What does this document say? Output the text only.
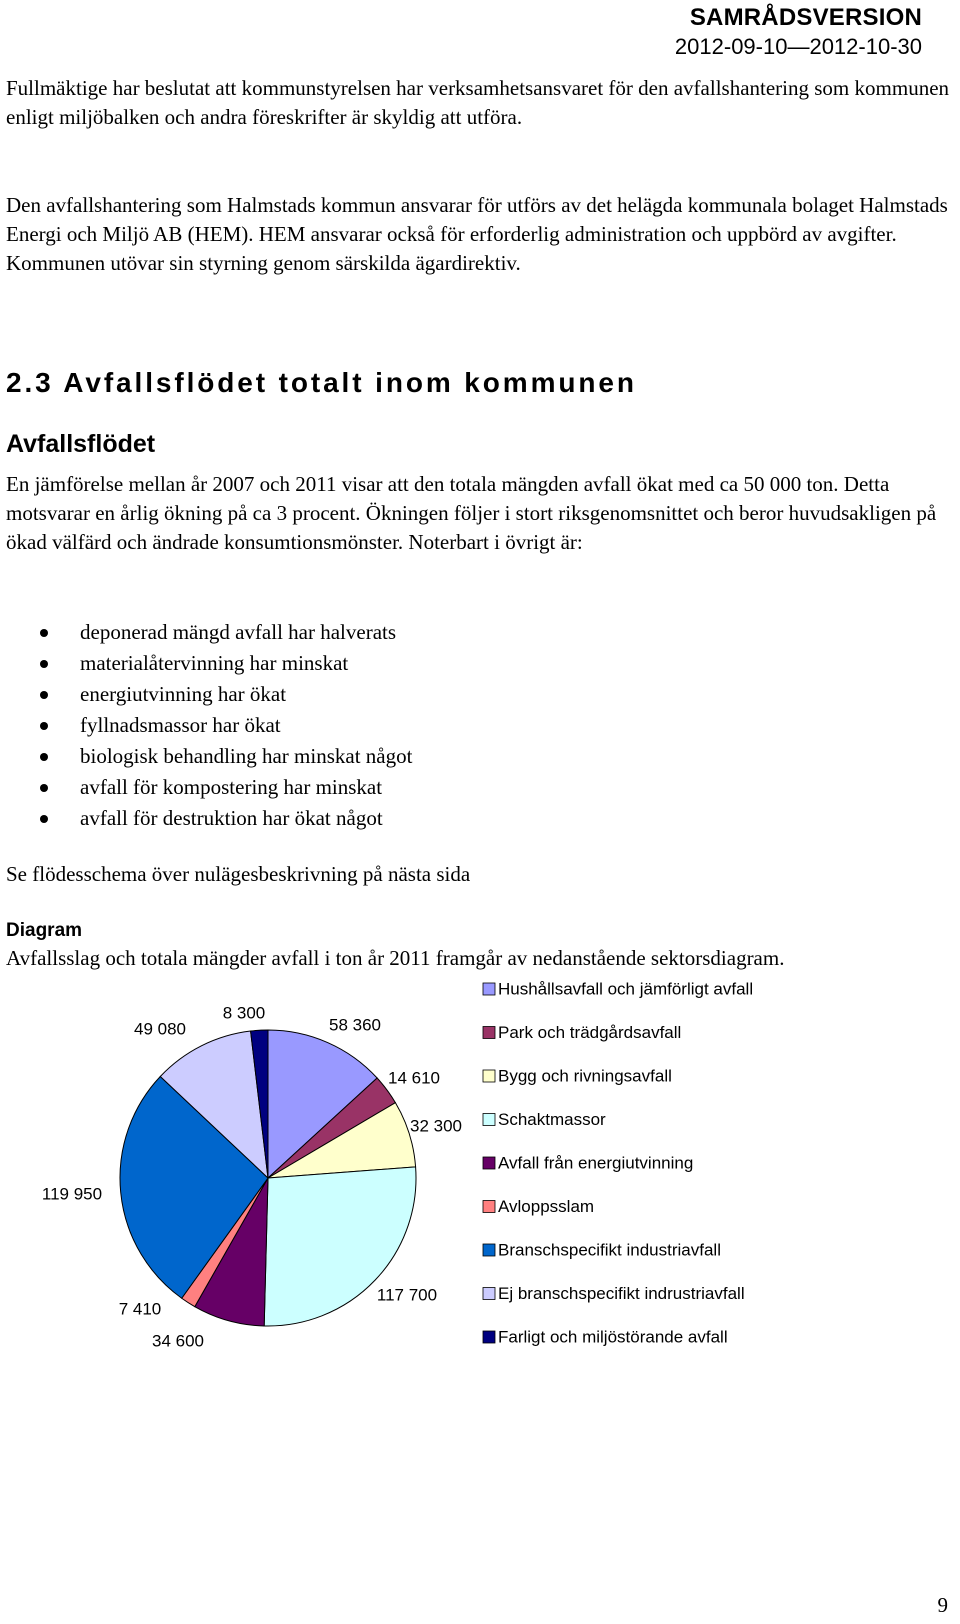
SAMRÅDSVERSION
2012-09-10—2012-10-30

Fullmäktige har beslutat att kommunstyrelsen har verksamhetsansvaret för den avfallshantering som kommunen enligt miljöbalken och andra föreskrifter är skyldig att utföra.

Den avfallshantering som Halmstads kommun ansvarar för utförs av det helägda kommunala bolaget Halmstads Energi och Miljö AB (HEM). HEM ansvarar också för erforderlig administration och uppbörd av avgifter. Kommunen utövar sin styrning genom särskilda ägardirektiv.

2.3 Avfallsflödet totalt inom kommunen
Avfallsflödet

En jämförelse mellan år 2007 och 2011 visar att den totala mängden avfall ökat med ca 50 000 ton. Detta motsvarar en årlig ökning på ca 3 procent. Ökningen följer i stort riksgenomsnittet och beror huvudsakligen på ökad välfärd och ändrade konsumtionsmönster. Noterbart i övrigt är:

deponerad mängd avfall har halverats
materialåtervinning har minskat
energiutvinning har ökat
fyllnadsmassor har ökat
biologisk behandling har minskat något
avfall för kompostering har minskat
avfall för destruktion har ökat något

Se flödesschema över nulägesbeskrivning på nästa sida

Diagram

Avfallsslag och totala mängder avfall i ton år 2011 framgår av nedanstående sektorsdiagram.

58 360
14 610
32 300
117 700
34 600
7 410
119 950
49 080
8 300
Hushållsavfall och jämförligt avfall
Park och trädgårdsavfall
Bygg och rivningsavfall
Schaktmassor
Avfall från energiutvinning
Avloppsslam
Branschspecifikt industriavfall
Ej branschspecifikt indrustriavfall
Farligt och miljöstörande avfall
9
